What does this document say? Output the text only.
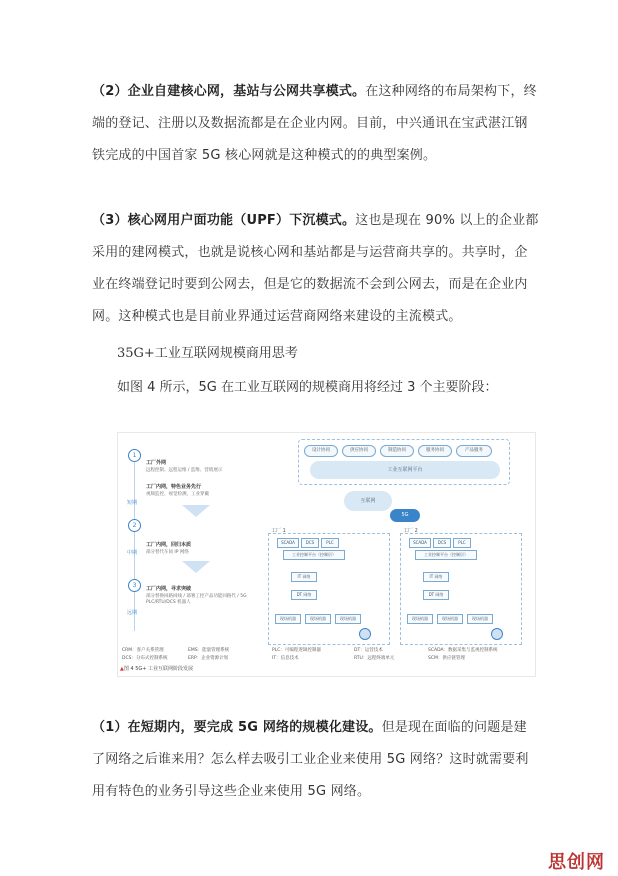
（2）企业自建核心网，基站与公网共享模式。在这种网络的布局架构下，终端的登记、注册以及数据流都是在企业内网。目前，中兴通讯在宝武湛江钢铁完成的中国首家 5G 核心网就是这种模式的的典型案例。
（3）核心网用户面功能（UPF）下沉模式。这也是现在 90% 以上的企业都采用的建网模式，也就是说核心网和基站都是与运营商共享的。共享时，企业在终端登记时要到公网去，但是它的数据流不会到公网去，而是在企业内网。这种模式也是目前业界通过运营商网络来建设的主流模式。
35G+工业互联网规模商用思考
如图 4 所示，5G 在工业互联网的规模商用将经过 3 个主要阶段：
1
短期
工厂外网
远程控制、远程运维 / 监维、营销展示
工厂内网，特色业务先行
视频监控、视觉检测、工业穿戴
2
中期
工厂内网，回归本质
部分替代车间 IP 网络
3
远期
工厂内网，寻求突破
部分替换回路回线 / 部署工控产品功能回路代 / 5G PLC/RTU/DCS 机器人
设计协同	供应协同	制造协同	服务协同	产品服务
工业互联网平台
互联网
5G
工厂 1
SCADA	DCS	PLC
工业控制平台（控制层）
IT 网络
DT 网络
现场机器	现场机器	现场机器
工厂 2
SCADA	DCS	PLC
工业控制平台（控制层）
IT 网络
DT 网络
现场机器	现场机器	现场机器
CRM：客户关系管理	EMS：能量管理系统	PLC：可编程逻辑控制器	DT：运营技术	SCADA：数据采集与监视控制系统
DCS：分布式控制系统	ERP：企业资源计划	IT：信息技术	RTU：远程终端单元	SCM：供应链管理
▲图 4 5G+ 工业互联网阶段发展
（1）在短期内，要完成 5G 网络的规模化建设。但是现在面临的问题是建了网络之后谁来用？怎么样去吸引工业企业来使用 5G 网络？这时就需要利用有特色的业务引导这些企业来使用 5G 网络。
思创网
